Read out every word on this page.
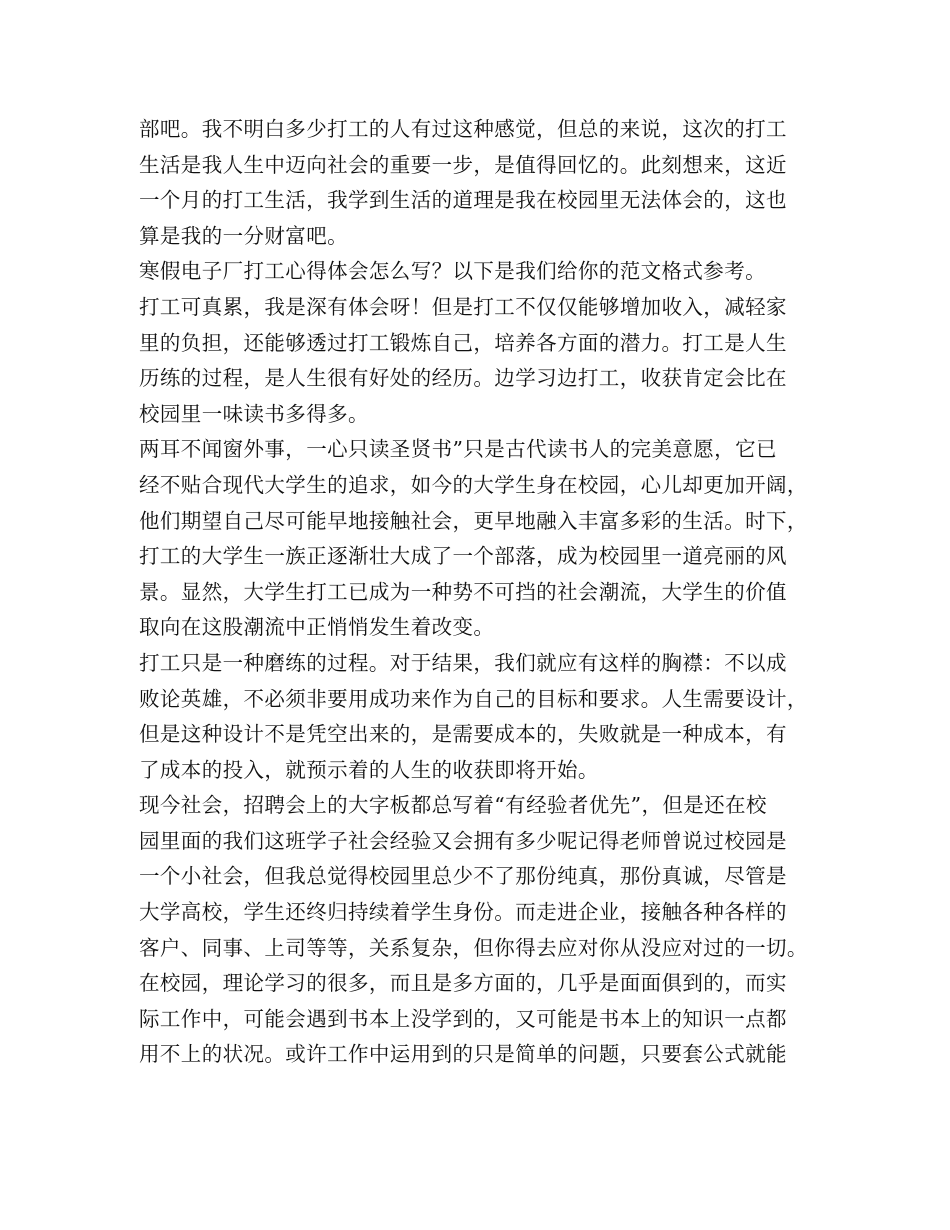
部吧。我不明白多少打工的人有过这种感觉，但总的来说，这次的打工
生活是我人生中迈向社会的重要一步，是值得回忆的。此刻想来，这近
一个月的打工生活，我学到生活的道理是我在校园里无法体会的，这也
算是我的一分财富吧。
寒假电子厂打工心得体会怎么写？以下是我们给你的范文格式参考。
打工可真累，我是深有体会呀！但是打工不仅仅能够增加收入，减轻家
里的负担，还能够透过打工锻炼自己，培养各方面的潜力。打工是人生
历练的过程，是人生很有好处的经历。边学习边打工，收获肯定会比在
校园里一味读书多得多。
两耳不闻窗外事，一心只读圣贤书”只是古代读书人的完美意愿，它已
经不贴合现代大学生的追求，如今的大学生身在校园，心儿却更加开阔，
他们期望自己尽可能早地接触社会，更早地融入丰富多彩的生活。时下，
打工的大学生一族正逐渐壮大成了一个部落，成为校园里一道亮丽的风
景。显然，大学生打工已成为一种势不可挡的社会潮流，大学生的价值
取向在这股潮流中正悄悄发生着改变。
打工只是一种磨练的过程。对于结果，我们就应有这样的胸襟：不以成
败论英雄，不必须非要用成功来作为自己的目标和要求。人生需要设计，
但是这种设计不是凭空出来的，是需要成本的，失败就是一种成本，有
了成本的投入，就预示着的人生的收获即将开始。
现今社会，招聘会上的大字板都总写着“有经验者优先”，但是还在校
园里面的我们这班学子社会经验又会拥有多少呢记得老师曾说过校园是
一个小社会，但我总觉得校园里总少不了那份纯真，那份真诚，尽管是
大学高校，学生还终归持续着学生身份。而走进企业，接触各种各样的
客户、同事、上司等等，关系复杂，但你得去应对你从没应对过的一切。
在校园，理论学习的很多，而且是多方面的，几乎是面面俱到的，而实
际工作中，可能会遇到书本上没学到的，又可能是书本上的知识一点都
用不上的状况。或许工作中运用到的只是简单的问题，只要套公式就能
